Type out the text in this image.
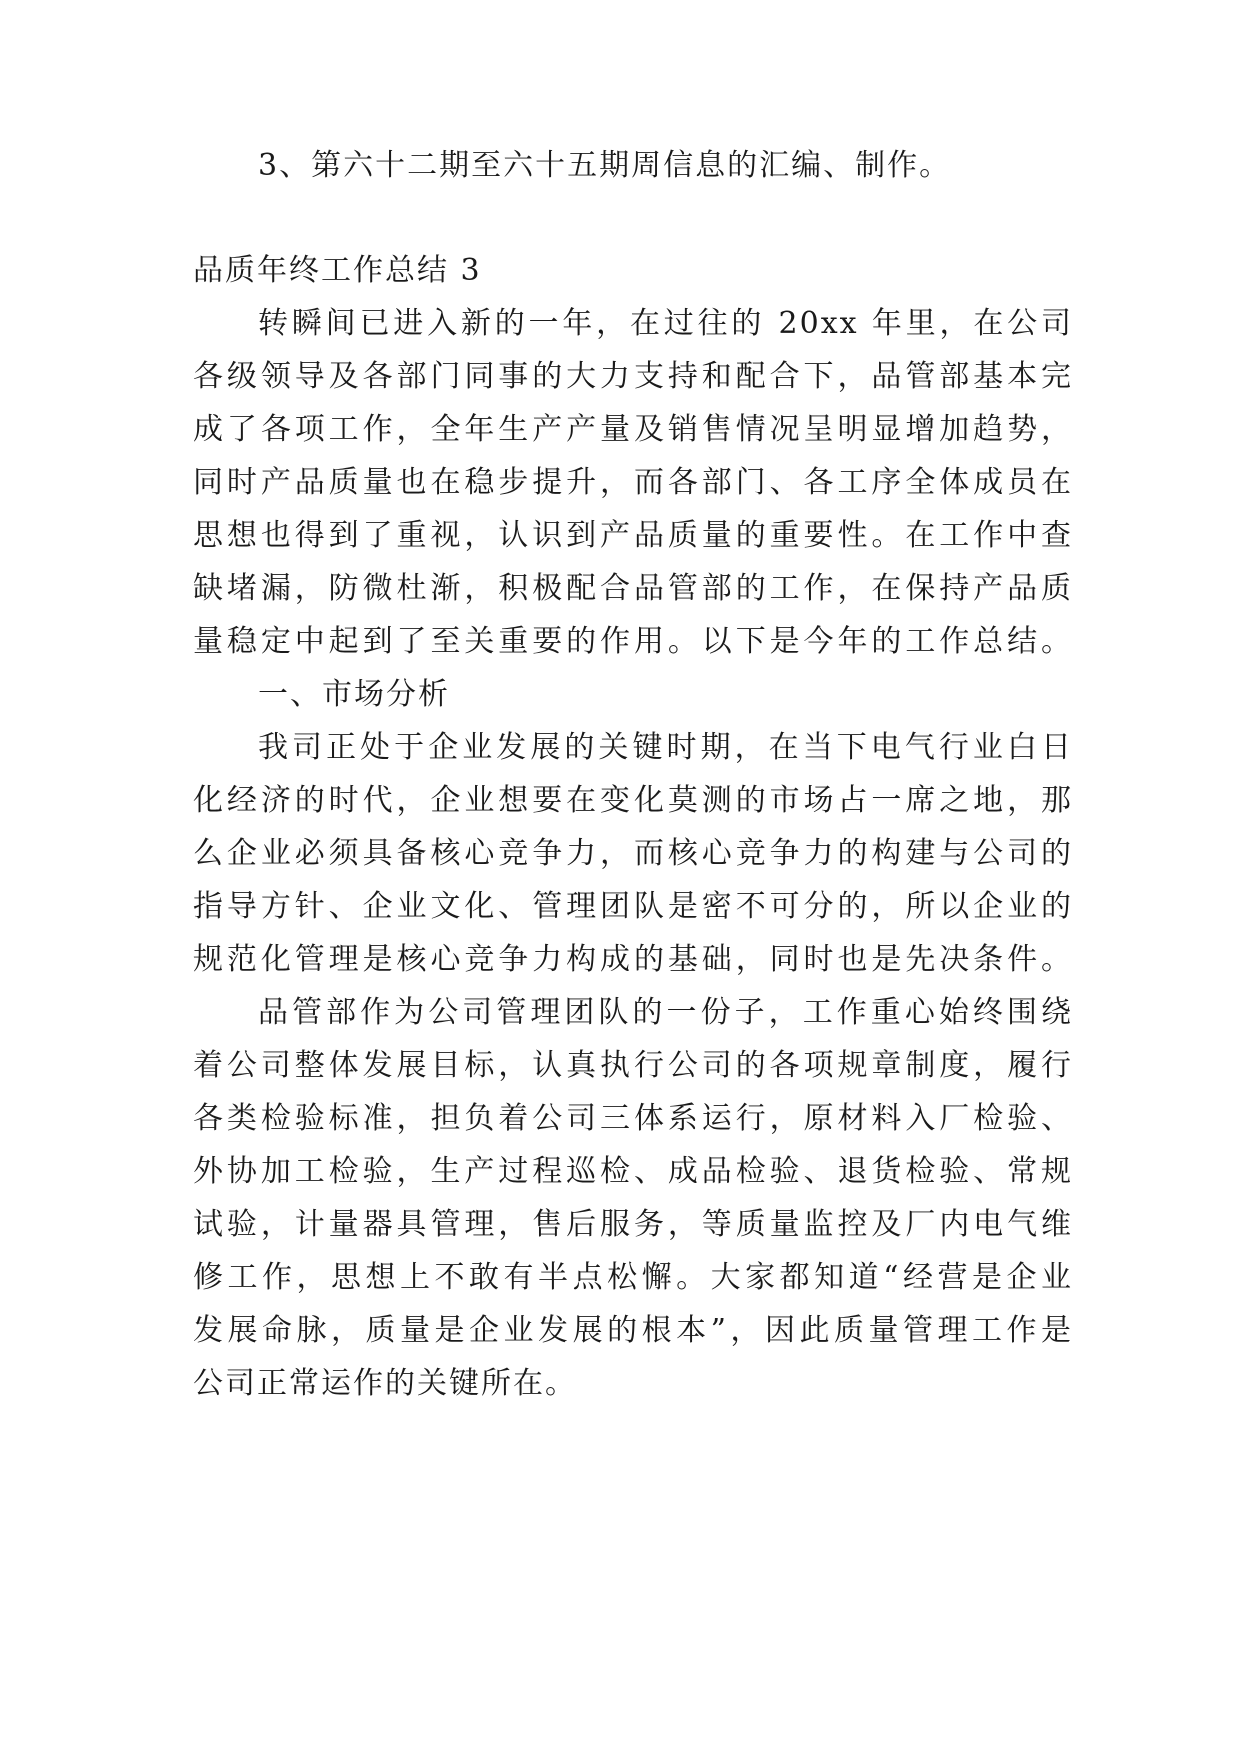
3、第六十二期至六十五期周信息的汇编、制作。
品质年终工作总结 3
转瞬间已进入新的一年，在过往的 20xx 年里，在公司
各级领导及各部门同事的大力支持和配合下，品管部基本完
成了各项工作，全年生产产量及销售情况呈明显增加趋势，
同时产品质量也在稳步提升，而各部门、各工序全体成员在
思想也得到了重视，认识到产品质量的重要性。在工作中查
缺堵漏，防微杜渐，积极配合品管部的工作，在保持产品质
量稳定中起到了至关重要的作用。以下是今年的工作总结。
一、市场分析
我司正处于企业发展的关键时期，在当下电气行业白日
化经济的时代，企业想要在变化莫测的市场占一席之地，那
么企业必须具备核心竞争力，而核心竞争力的构建与公司的
指导方针、企业文化、管理团队是密不可分的，所以企业的
规范化管理是核心竞争力构成的基础，同时也是先决条件。
品管部作为公司管理团队的一份子，工作重心始终围绕
着公司整体发展目标，认真执行公司的各项规章制度，履行
各类检验标准，担负着公司三体系运行，原材料入厂检验、
外协加工检验，生产过程巡检、成品检验、退货检验、常规
试验，计量器具管理，售后服务，等质量监控及厂内电气维
修工作，思想上不敢有半点松懈。大家都知道“经营是企业
发展命脉，质量是企业发展的根本”，因此质量管理工作是
公司正常运作的关键所在。
